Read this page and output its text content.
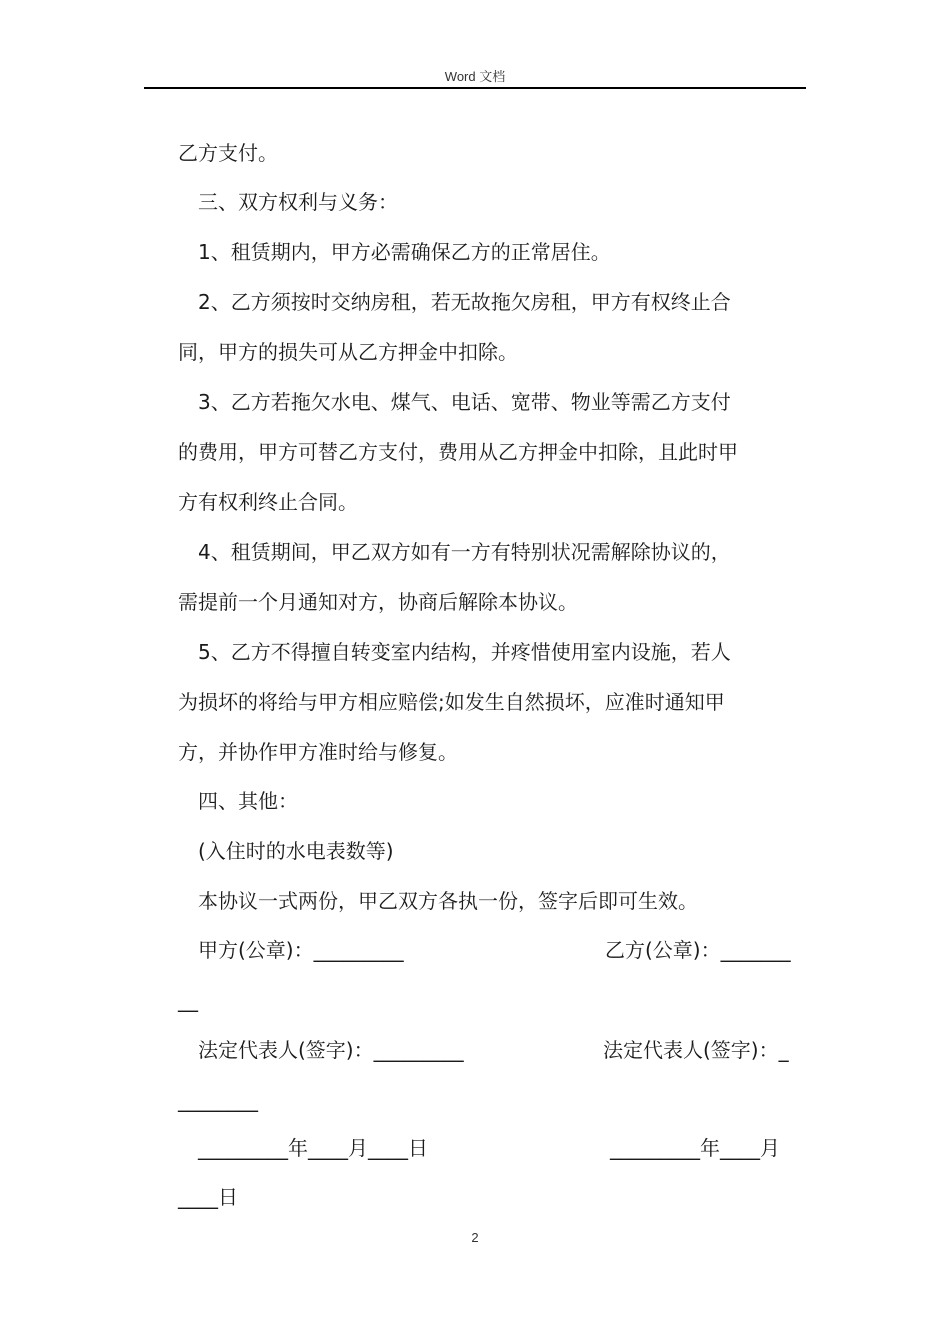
Word 文档
乙方支付。
三、双方权利与义务：
1、租赁期内，甲方必需确保乙方的正常居住。
2、乙方须按时交纳房租，若无故拖欠房租，甲方有权终止合
同，甲方的损失可从乙方押金中扣除。
3、乙方若拖欠水电、煤气、电话、宽带、物业等需乙方支付
的费用，甲方可替乙方支付，费用从乙方押金中扣除，且此时甲
方有权利终止合同。
4、租赁期间，甲乙双方如有一方有特别状况需解除协议的，
需提前一个月通知对方，协商后解除本协议。
5、乙方不得擅自转变室内结构，并疼惜使用室内设施，若人
为损坏的将给与甲方相应赔偿;如发生自然损坏，应准时通知甲
方，并协作甲方准时给与修复。
四、其他：
(入住时的水电表数等)
本协议一式两份，甲乙双方各执一份，签字后即可生效。
甲方(公章)：_________	乙方(公章)：_______
__
法定代表人(签字)：_________	法定代表人(签字)：_
________
_________年____月____日	_________年____月
____日
2
